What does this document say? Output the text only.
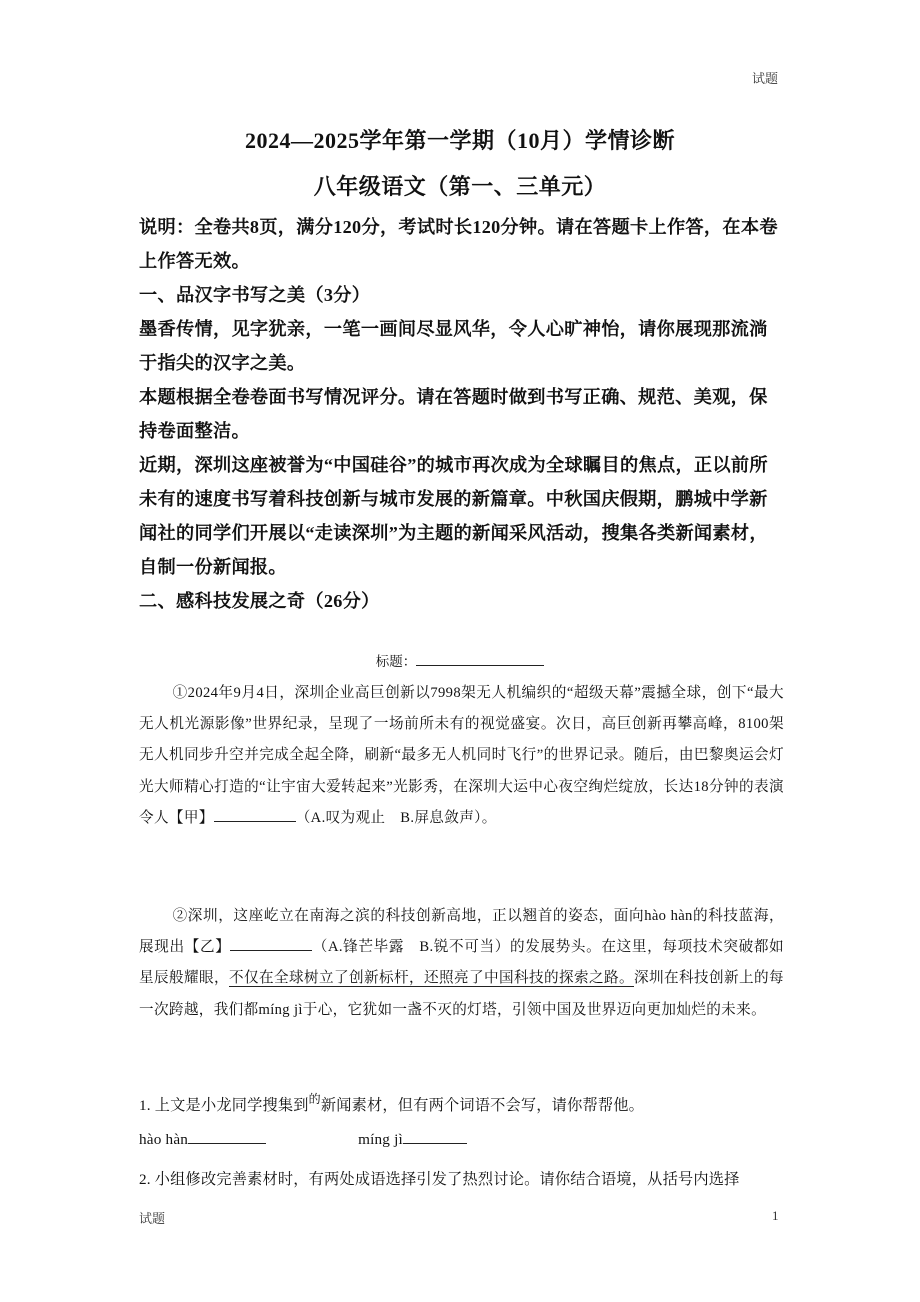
试题
2024—2025学年第一学期（10月）学情诊断
八年级语文（第一、三单元）

说明：全卷共8页，满分120分，考试时长120分钟。请在答题卡上作答，在本卷上作答无效。

一、品汉字书写之美（3分）

墨香传情，见字犹亲，一笔一画间尽显风华，令人心旷神怡，请你展现那流淌于指尖的汉字之美。

本题根据全卷卷面书写情况评分。请在答题时做到书写正确、规范、美观，保持卷面整洁。

近期，深圳这座被誉为“中国硅谷”的城市再次成为全球瞩目的焦点，正以前所未有的速度书写着科技创新与城市发展的新篇章。中秋国庆假期，鹏城中学新闻社的同学们开展以“走读深圳”为主题的新闻采风活动，搜集各类新闻素材，自制一份新闻报。

二、感科技发展之奇（26分）

标题：

①2024年9月4日，深圳企业高巨创新以7998架无人机编织的“超级天幕”震撼全球，创下“最大无人机光源影像”世界纪录，呈现了一场前所未有的视觉盛宴。次日，高巨创新再攀高峰，8100架无人机同步升空并完成全起全降，刷新“最多无人机同时飞行”的世界记录。随后，由巴黎奥运会灯光大师精心打造的“让宇宙大爱转起来”光影秀，在深圳大运中心夜空绚烂绽放，长达18分钟的表演令人【甲】	（A.叹为观止　B.屏息敛声）。

②深圳，这座屹立在南海之滨的科技创新高地，正以翘首的姿态，面向hào hàn的科技蓝海，展现出【乙】	（A.锋芒毕露　B.锐不可当）的发展势头。在这里，每项技术突破都如星辰般耀眼，不仅在全球树立了创新标杆，还照亮了中国科技的探索之路。深圳在科技创新上的每一次跨越，我们都míng jì于心，它犹如一盏不灭的灯塔，引领中国及世界迈向更加灿烂的未来。

1. 上文是小龙同学搜集到$^的$新闻素材，但有两个词语不会写，请你帮帮他。
hào hàn	míng jì
2. 小组修改完善素材时，有两处成语选择引发了热烈讨论。请你结合语境，从括号内选择
试题	1
